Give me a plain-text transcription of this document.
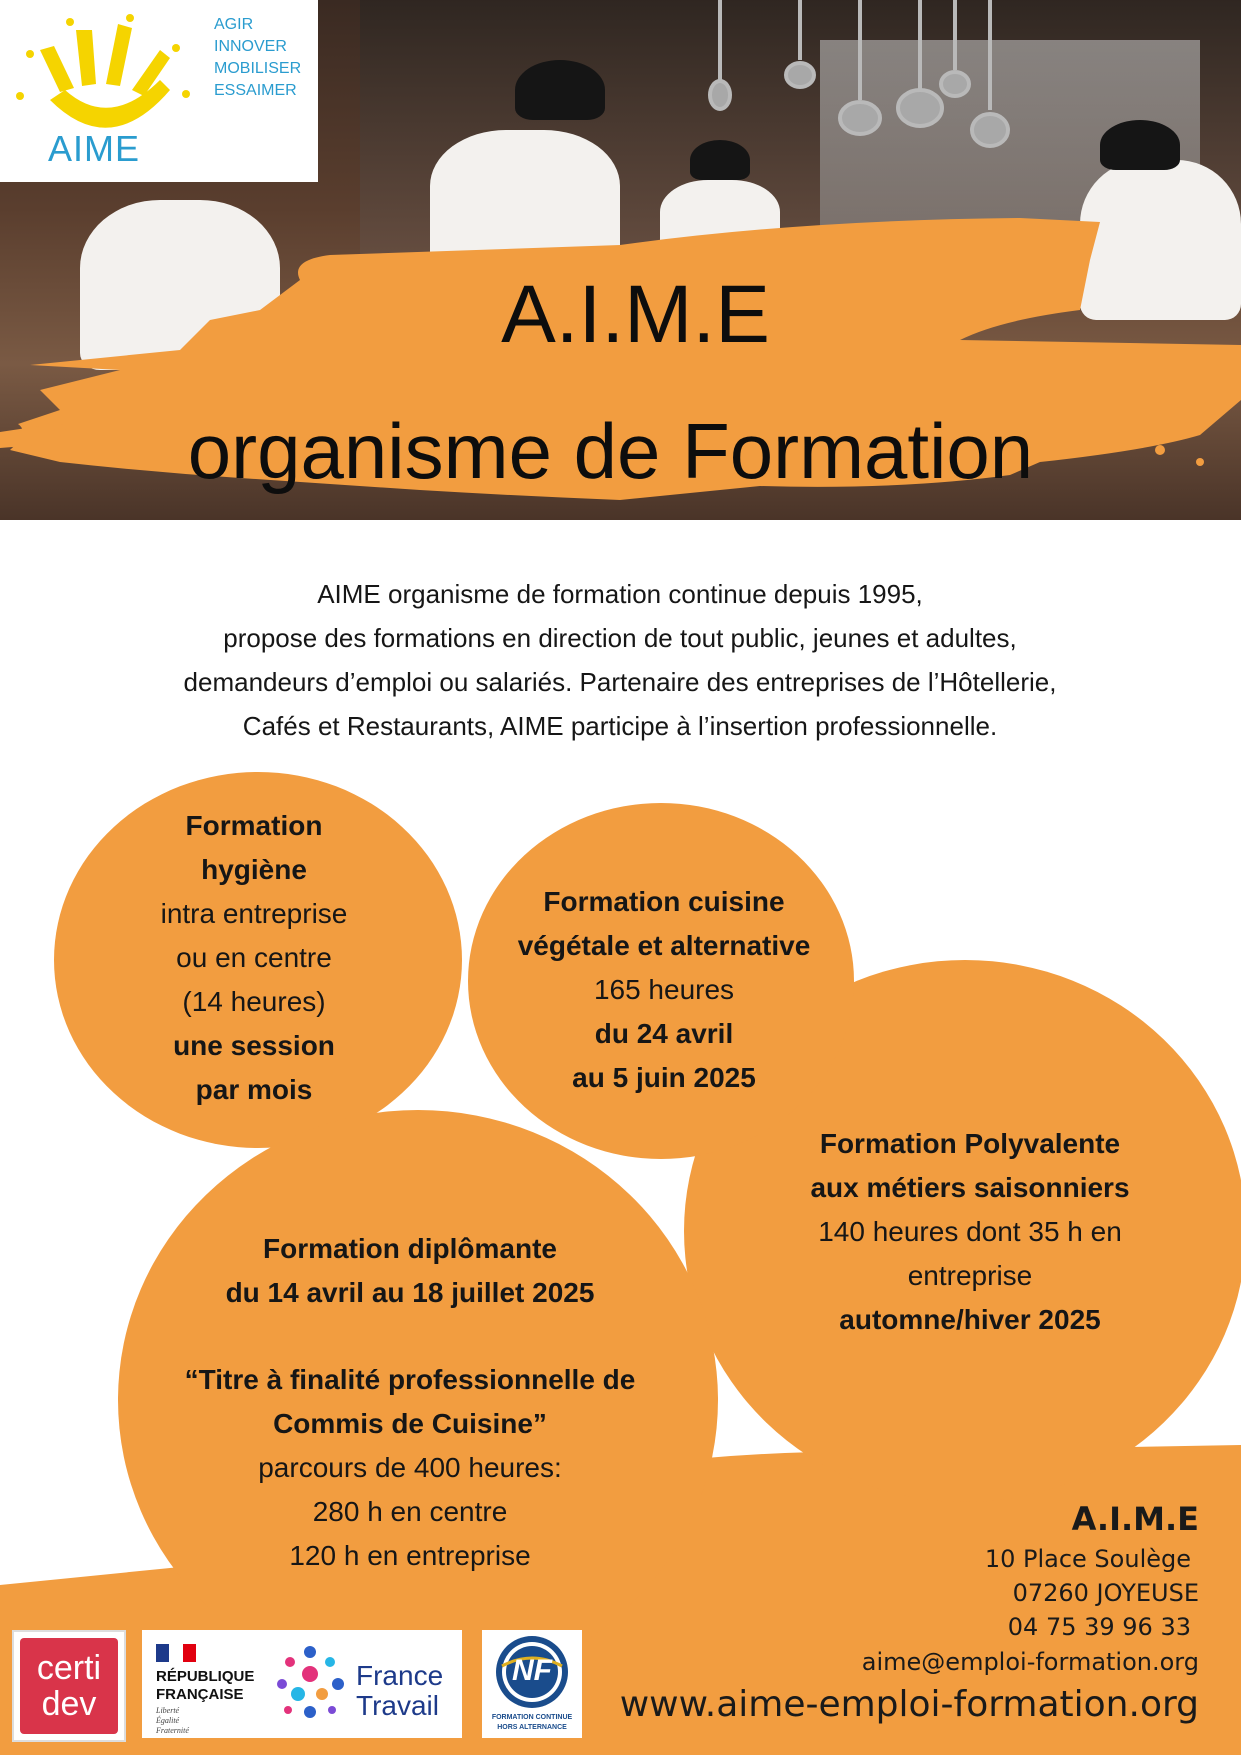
AIME
AGIR
INNOVER
MOBILISER
ESSAIMER
A.I.M.E
organisme de Formation
AIME organisme de formation continue depuis 1995,
propose des formations en direction de tout public, jeunes et adultes,
demandeurs d’emploi ou salariés. Partenaire des entreprises de l’Hôtellerie,
Cafés et Restaurants, AIME participe à l’insertion professionnelle.
Formation
hygiène
intra entreprise
ou en centre
(14 heures)
une session
par mois
Formation cuisine
végétale et alternative
165 heures
du 24 avril
au 5 juin 2025
Formation Polyvalente
aux métiers saisonniers
140 heures dont 35 h en
entreprise
automne/hiver 2025
Formation diplômante
du 14 avril au 18 juillet 2025
“Titre à finalité professionnelle de
Commis de Cuisine”
parcours de 400 heures:
280 h en centre
120 h en entreprise
A.I.M.E
10 Place Soulège
07260 JOYEUSE
04 75 39 96 33
aime@emploi-formation.org
www.aime-emploi-formation.org
certi
dev
RÉPUBLIQUE
FRANÇAISE
Liberté
Égalité
Fraternité
France
Travail
NF
FORMATION CONTINUE
HORS ALTERNANCE
